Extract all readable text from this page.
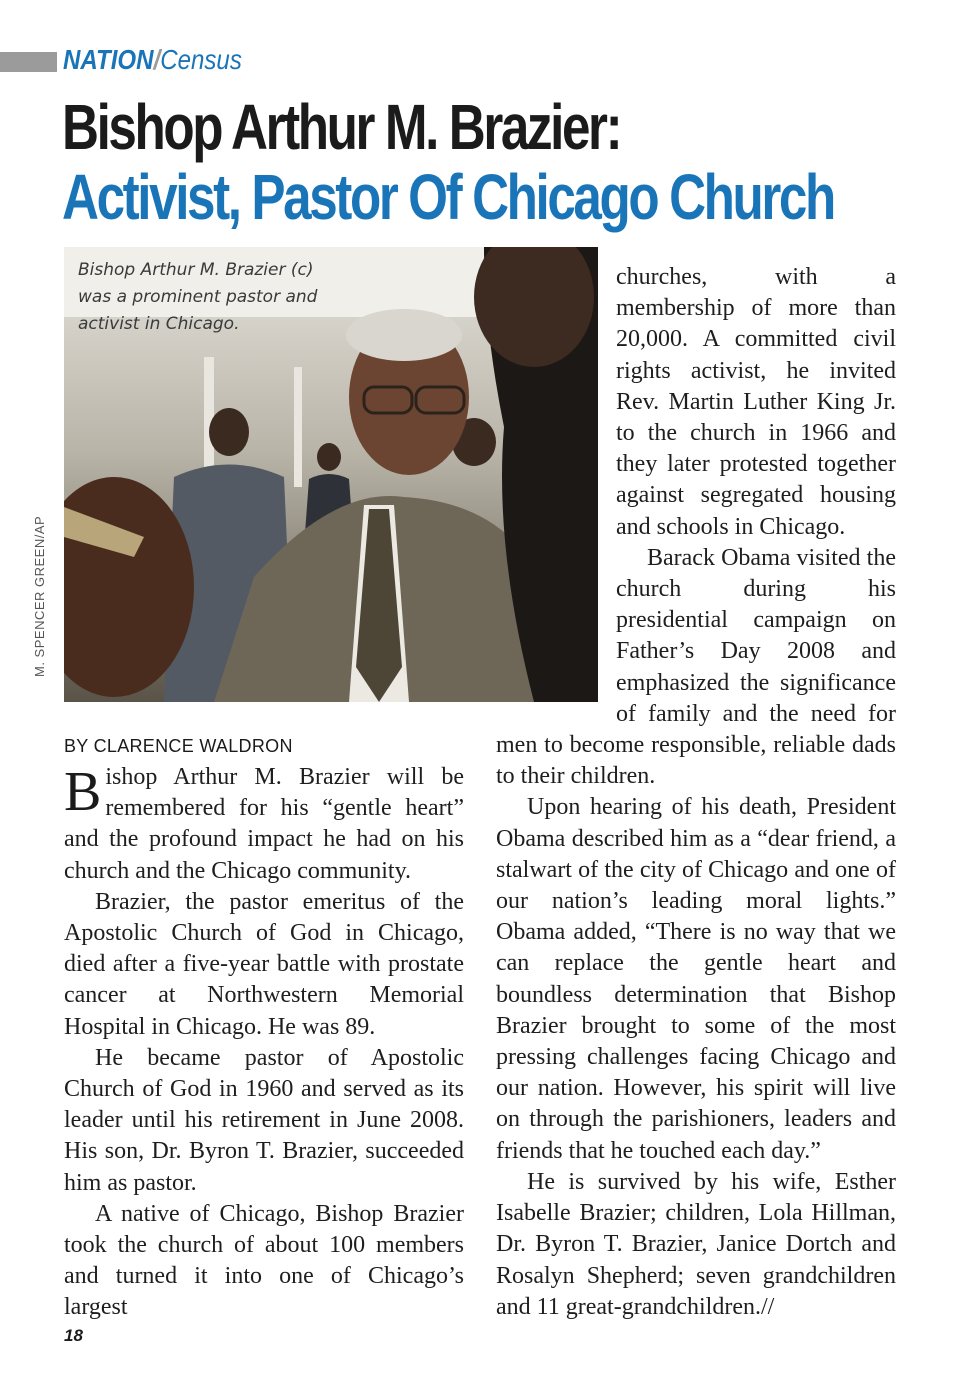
NATION/Census
Bishop Arthur M. Brazier:
Activist, Pastor Of Chicago Church
Bishop Arthur M. Brazier (c) was a prominent pastor and activist in Chicago.
M. SPENCER GREEN/AP
BY CLARENCE WALDRON

Bishop Arthur M. Brazier will be remembered for his “gentle heart” and the profound impact he had on his church and the Chicago community.

Brazier, the pastor emeritus of the Apostolic Church of God in Chicago, died after a five-year battle with prostate cancer at Northwestern Memorial Hospital in Chicago. He was 89.

He became pastor of Apostolic Church of God in 1960 and served as its leader until his retirement in June 2008. His son, Dr. Byron T. Brazier, succeeded him as pastor.

A native of Chicago, Bishop Brazier took the church of about 100 members and turned it into one of Chicago’s largest

churches, with a membership of more than 20,000. A committed civil rights activist, he invited Rev. Martin Luther King Jr. to the church in 1966 and they later protested together against segregated housing and schools in Chicago.

Barack Obama visited the church during his presidential campaign on Father’s Day 2008 and emphasized the significance of family and the need for men to become responsible, reliable dads to their children.

Upon hearing of his death, President Obama described him as a “dear friend, a stalwart of the city of Chicago and one of our nation’s leading moral lights.” Obama added, “There is no way that we can replace the gentle heart and boundless determination that Bishop Brazier brought to some of the most pressing challenges facing Chicago and our nation. However, his spirit will live on through the parishioners, leaders and friends that he touched each day.”

He is survived by his wife, Esther Isabelle Brazier; children, Lola Hillman, Dr. Byron T. Brazier, Janice Dortch and Rosalyn Shepherd; seven grandchildren and 11 great-grandchildren.//

18
